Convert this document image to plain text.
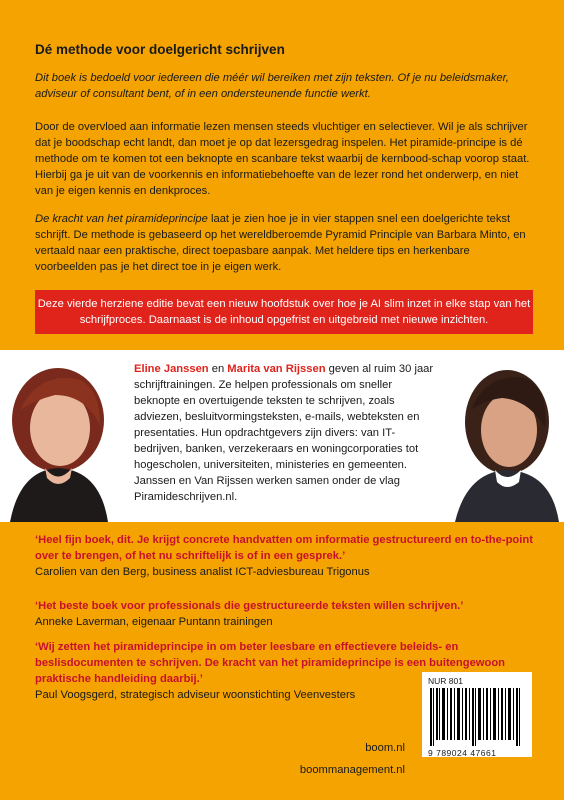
Dé methode voor doelgericht schrijven
Dit boek is bedoeld voor iedereen die méér wil bereiken met zijn teksten. Of je nu beleidsmaker, adviseur of consultant bent, of in een ondersteunende functie werkt.
Door de overvloed aan informatie lezen mensen steeds vluchtiger en selectiever. Wil je als schrijver dat je boodschap echt landt, dan moet je op dat lezersgedrag inspelen. Het piramide-principe is dé methode om te komen tot een beknopte en scanbare tekst waarbij de kernbood-schap voorop staat. Hierbij ga je uit van de voorkennis en informatiebehoefte van de lezer rond het onderwerp, en niet van je eigen kennis en denkproces.
De kracht van het piramideprincipe laat je zien hoe je in vier stappen snel een doelgerichte tekst schrijft. De methode is gebaseerd op het wereldberoemde Pyramid Principle van Barbara Minto, en vertaald naar een praktische, direct toepasbare aanpak. Met heldere tips en herkenbare voorbeelden pas je het direct toe in je eigen werk.
Deze vierde herziene editie bevat een nieuw hoofdstuk over hoe je AI slim inzet in elke stap van het schrijfproces. Daarnaast is de inhoud opgefrist en uitgebreid met nieuwe inzichten.
Eline Janssen en Marita van Rijssen geven al ruim 30 jaar schrijftrainingen. Ze helpen professionals om sneller beknopte en overtuigende teksten te schrijven, zoals adviezen, besluitvormingsteksten, e-mails, webteksten en presentaties. Hun opdrachtgevers zijn divers: van IT-bedrijven, banken, verzekeraars en woningcorporaties tot hogescholen, universiteiten, ministeries en gemeenten. Janssen en Van Rijssen werken samen onder de vlag Piramideschrijven.nl.
‘Heel fijn boek, dit. Je krijgt concrete handvatten om informatie gestructureerd en to-the-point over te brengen, of het nu schriftelijk is of in een gesprek.’
Carolien van den Berg, business analist ICT-adviesbureau Trigonus
‘Het beste boek voor professionals die gestructureerde teksten willen schrijven.’
Anneke Laverman, eigenaar Puntann trainingen
‘Wij zetten het piramideprincipe in om beter leesbare en effectievere beleids- en beslisdocumenten te schrijven. De kracht van het piramideprincipe is een buitengewoon praktische handleiding daarbij.’
Paul Voogsgerd, strategisch adviseur woonstichting Veenvesters
boom.nl
boommanagement.nl
NUR 801
9 789024 47661
